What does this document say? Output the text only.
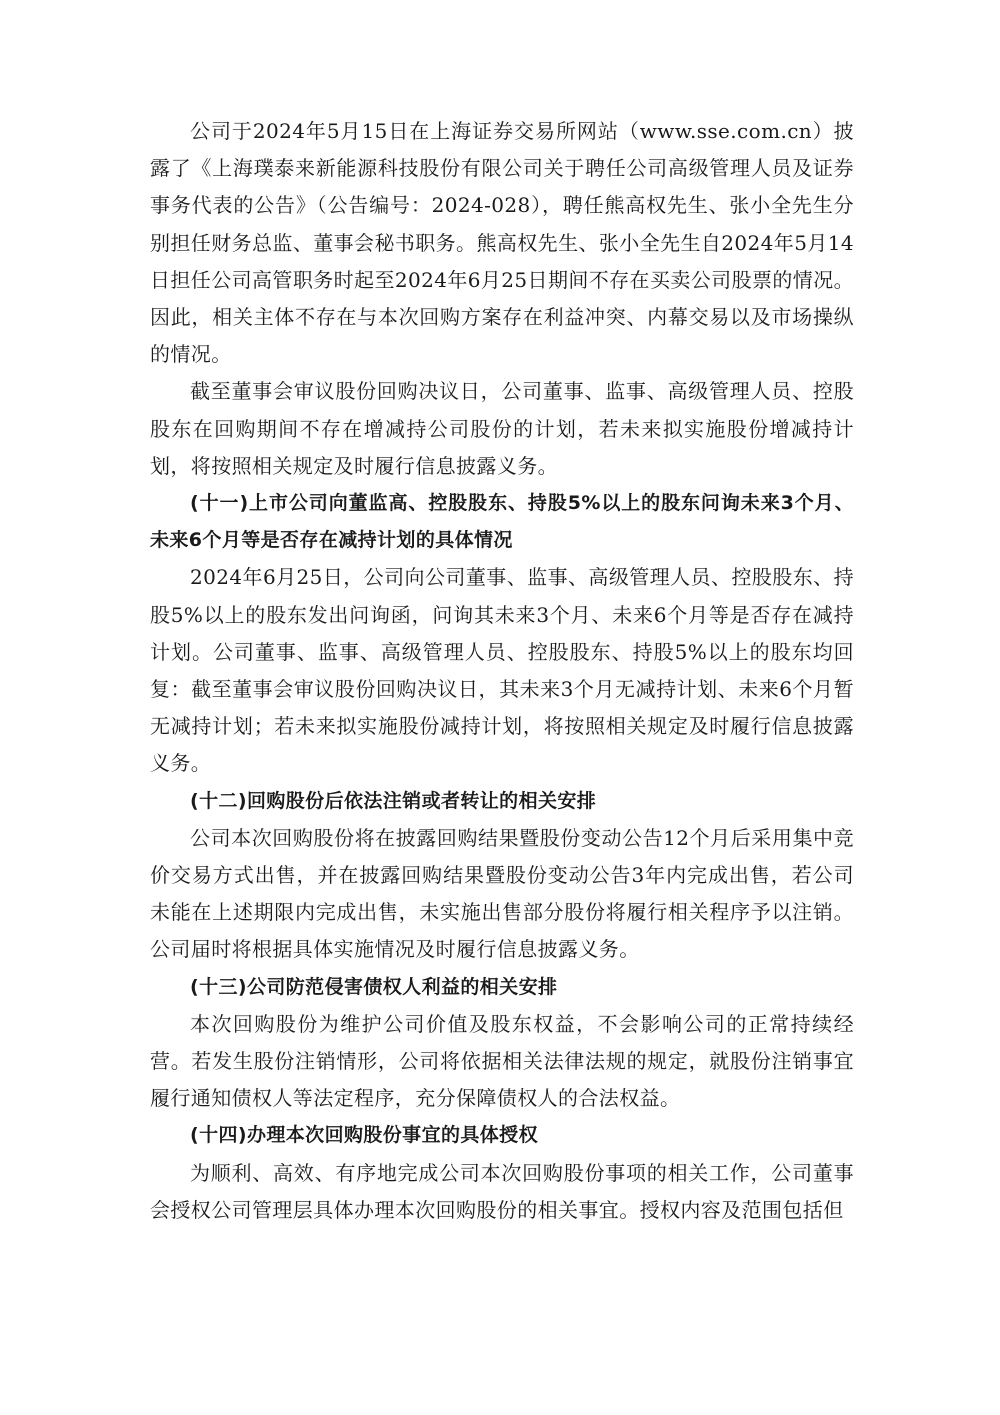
公司于2024年5月15日在上海证券交易所网站（www.sse.com.cn）披露了《上海璞泰来新能源科技股份有限公司关于聘任公司高级管理人员及证券事务代表的公告》（公告编号：2024-028），聘任熊高权先生、张小全先生分别担任财务总监、董事会秘书职务。熊高权先生、张小全先生自2024年5月14日担任公司高管职务时起至2024年6月25日期间不存在买卖公司股票的情况。因此，相关主体不存在与本次回购方案存在利益冲突、内幕交易以及市场操纵的情况。

截至董事会审议股份回购决议日，公司董事、监事、高级管理人员、控股股东在回购期间不存在增减持公司股份的计划，若未来拟实施股份增减持计划，将按照相关规定及时履行信息披露义务。

(十一)上市公司向董监高、控股股东、持股5%以上的股东问询未来3个月、未来6个月等是否存在减持计划的具体情况

2024年6月25日，公司向公司董事、监事、高级管理人员、控股股东、持股5%以上的股东发出问询函，问询其未来3个月、未来6个月等是否存在减持计划。公司董事、监事、高级管理人员、控股股东、持股5%以上的股东均回复：截至董事会审议股份回购决议日，其未来3个月无减持计划、未来6个月暂无减持计划；若未来拟实施股份减持计划，将按照相关规定及时履行信息披露义务。

(十二)回购股份后依法注销或者转让的相关安排

公司本次回购股份将在披露回购结果暨股份变动公告12个月后采用集中竞价交易方式出售，并在披露回购结果暨股份变动公告3年内完成出售，若公司未能在上述期限内完成出售，未实施出售部分股份将履行相关程序予以注销。公司届时将根据具体实施情况及时履行信息披露义务。

(十三)公司防范侵害债权人利益的相关安排

本次回购股份为维护公司价值及股东权益，不会影响公司的正常持续经营。若发生股份注销情形，公司将依据相关法律法规的规定，就股份注销事宜履行通知债权人等法定程序，充分保障债权人的合法权益。

(十四)办理本次回购股份事宜的具体授权

为顺利、高效、有序地完成公司本次回购股份事项的相关工作，公司董事会授权公司管理层具体办理本次回购股份的相关事宜。授权内容及范围包括但
